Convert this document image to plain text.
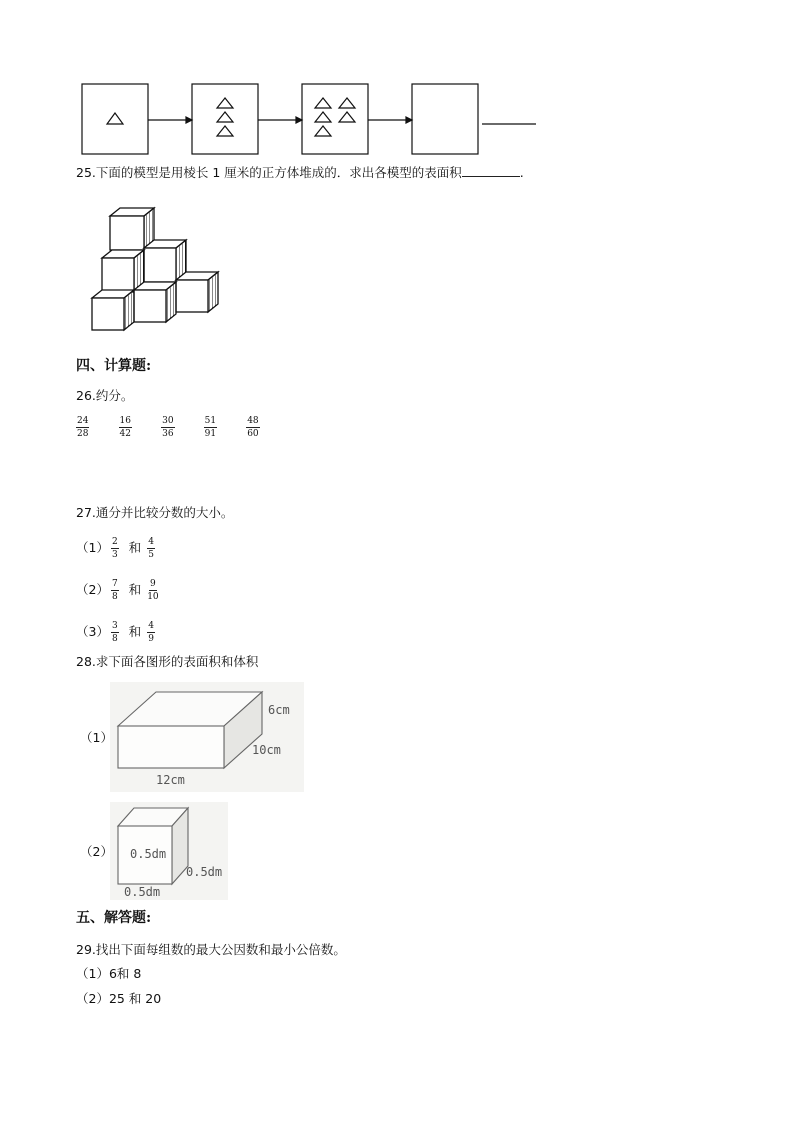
25.下面的模型是用棱长 1 厘米的正方体堆成的．求出各模型的表面积	.
四、计算题:
26.约分。
$\frac{24}{28}$
	$\frac{16}{42}$
	$\frac{30}{36}$
	$\frac{51}{91}$
	$\frac{48}{60}$
27.通分并比较分数的大小。
$(1) \frac{2}{3}$ 和 $\frac{4}{5}$
$(2) \frac{7}{8}$ 和 $\frac{9}{10}$
$(3) \frac{3}{8}$ 和 $\frac{4}{9}$
28.求下面各图形的表面积和体积
（1）
6cm
10cm
12cm
（2） 0.5dm
0.5dm
0.5dm
五、解答题:
29.找出下面每组数的最大公因数和最小公倍数。
（1）6和 8
（2）25 和 20
